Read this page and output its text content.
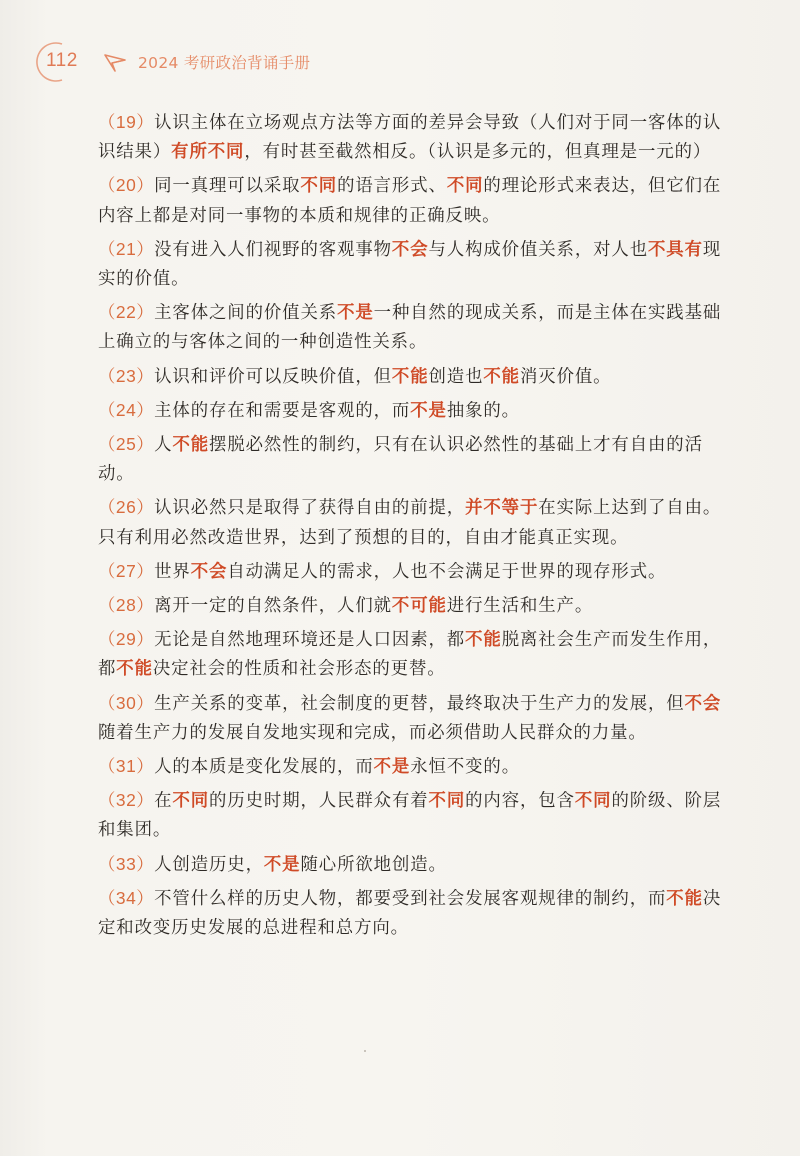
112	2024 考研政治背诵手册

（19）认识主体在立场观点方法等方面的差异会导致（人们对于同一客体的认识结果）有所不同，有时甚至截然相反。（认识是多元的，但真理是一元的）

（20）同一真理可以采取不同的语言形式、不同的理论形式来表达，但它们在内容上都是对同一事物的本质和规律的正确反映。

（21）没有进入人们视野的客观事物不会与人构成价值关系，对人也不具有现实的价值。

（22）主客体之间的价值关系不是一种自然的现成关系，而是主体在实践基础上确立的与客体之间的一种创造性关系。

（23）认识和评价可以反映价值，但不能创造也不能消灭价值。

（24）主体的存在和需要是客观的，而不是抽象的。

（25）人不能摆脱必然性的制约，只有在认识必然性的基础上才有自由的活动。

（26）认识必然只是取得了获得自由的前提，并不等于在实际上达到了自由。只有利用必然改造世界，达到了预想的目的，自由才能真正实现。

（27）世界不会自动满足人的需求，人也不会满足于世界的现存形式。

（28）离开一定的自然条件，人们就不可能进行生活和生产。

（29）无论是自然地理环境还是人口因素，都不能脱离社会生产而发生作用，都不能决定社会的性质和社会形态的更替。

（30）生产关系的变革，社会制度的更替，最终取决于生产力的发展，但不会随着生产力的发展自发地实现和完成，而必须借助人民群众的力量。

（31）人的本质是变化发展的，而不是永恒不变的。

（32）在不同的历史时期，人民群众有着不同的内容，包含不同的阶级、阶层和集团。

（33）人创造历史，不是随心所欲地创造。

（34）不管什么样的历史人物，都要受到社会发展客观规律的制约，而不能决定和改变历史发展的总进程和总方向。
